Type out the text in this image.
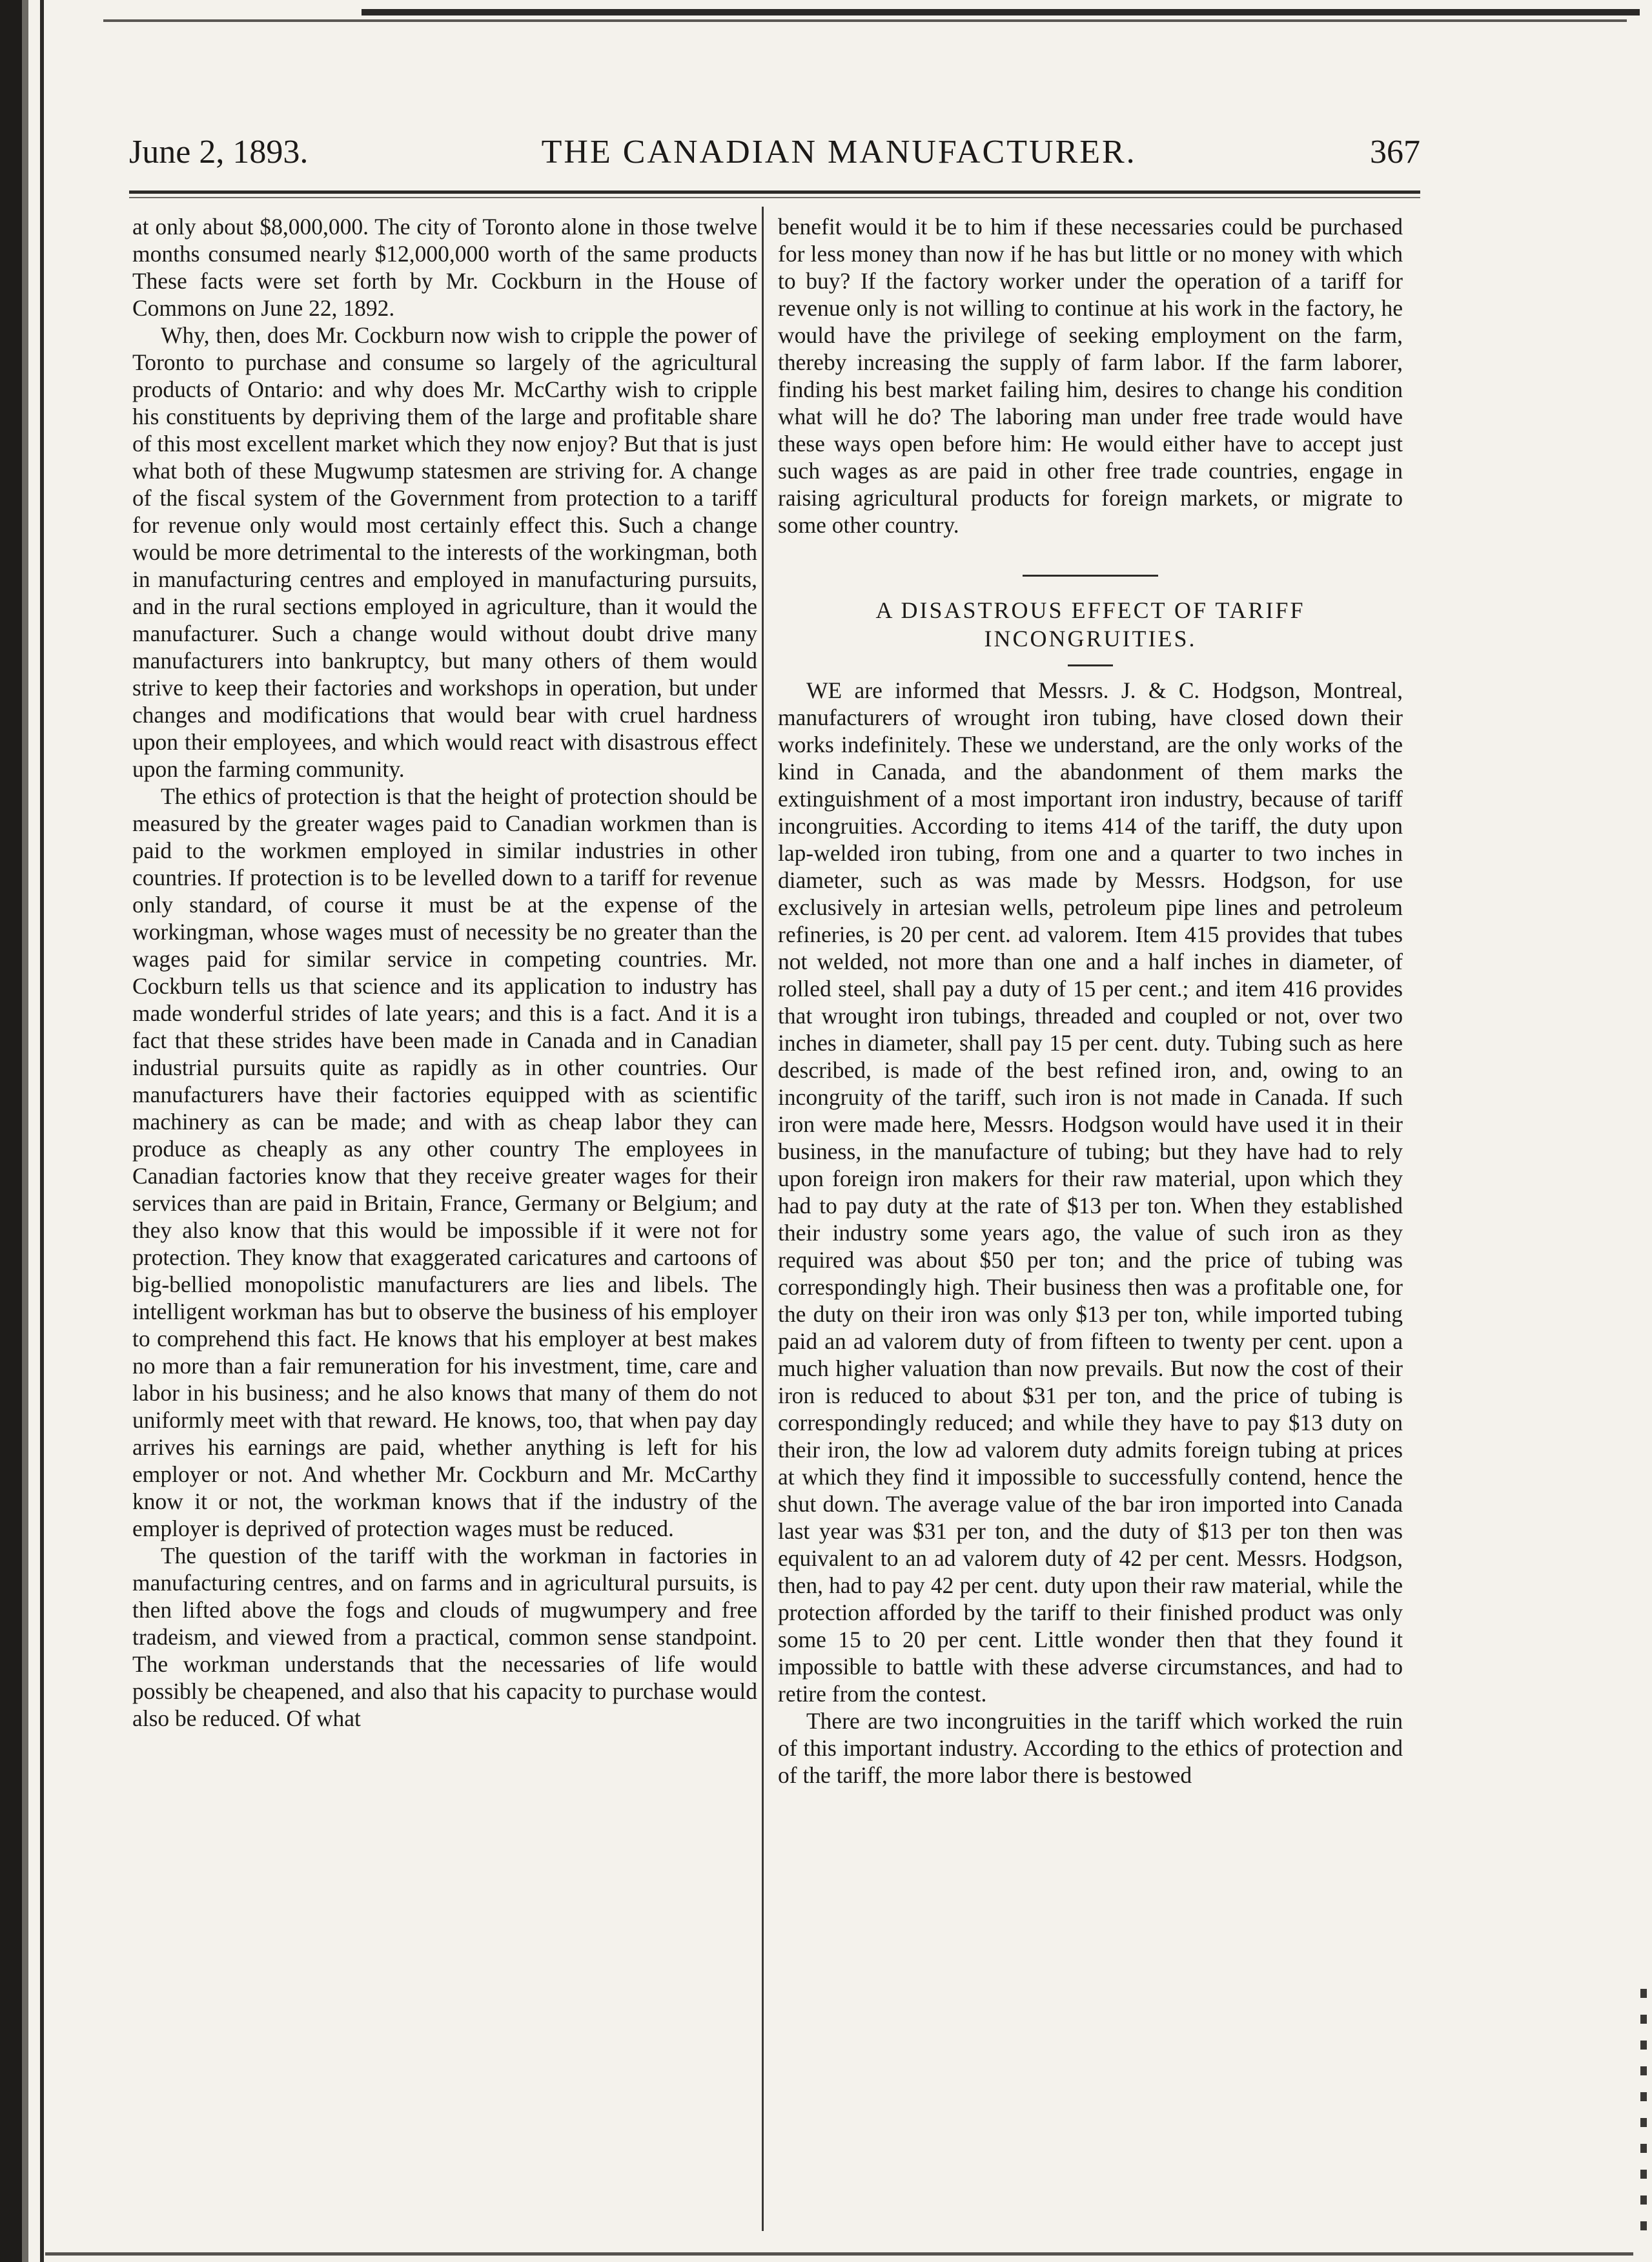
June 2, 1893.	THE CANADIAN MANUFACTURER.	367

at only about $8,000,000. The city of Toronto alone in those twelve months consumed nearly $12,000,000 worth of the same products These facts were set forth by Mr. Cockburn in the House of Commons on June 22, 1892.

Why, then, does Mr. Cockburn now wish to cripple the power of Toronto to purchase and consume so largely of the agricultural products of Ontario: and why does Mr. McCarthy wish to cripple his constituents by depriving them of the large and profitable share of this most excellent market which they now enjoy? But that is just what both of these Mugwump statesmen are striving for. A change of the fiscal system of the Government from protection to a tariff for revenue only would most certainly effect this. Such a change would be more detrimental to the interests of the workingman, both in manufacturing centres and employed in manufacturing pursuits, and in the rural sections employed in agriculture, than it would the manufacturer. Such a change would without doubt drive many manufacturers into bankruptcy, but many others of them would strive to keep their factories and workshops in operation, but under changes and modifications that would bear with cruel hardness upon their employees, and which would react with disastrous effect upon the farming community.

The ethics of protection is that the height of protection should be measured by the greater wages paid to Canadian workmen than is paid to the workmen employed in similar industries in other countries. If protection is to be levelled down to a tariff for revenue only standard, of course it must be at the expense of the workingman, whose wages must of necessity be no greater than the wages paid for similar service in competing countries. Mr. Cockburn tells us that science and its application to industry has made wonderful strides of late years; and this is a fact. And it is a fact that these strides have been made in Canada and in Canadian industrial pursuits quite as rapidly as in other countries. Our manufacturers have their factories equipped with as scientific machinery as can be made; and with as cheap labor they can produce as cheaply as any other country The employees in Canadian factories know that they receive greater wages for their services than are paid in Britain, France, Germany or Belgium; and they also know that this would be impossible if it were not for protection. They know that exaggerated caricatures and cartoons of big-bellied monopolistic manufacturers are lies and libels. The intelligent workman has but to observe the business of his employer to comprehend this fact. He knows that his employer at best makes no more than a fair remuneration for his investment, time, care and labor in his business; and he also knows that many of them do not uniformly meet with that reward. He knows, too, that when pay day arrives his earnings are paid, whether anything is left for his employer or not. And whether Mr. Cockburn and Mr. McCarthy know it or not, the workman knows that if the industry of the employer is deprived of protection wages must be reduced.

The question of the tariff with the workman in factories in manufacturing centres, and on farms and in agricultural pursuits, is then lifted above the fogs and clouds of mugwumpery and free tradeism, and viewed from a practical, common sense standpoint. The workman understands that the necessaries of life would possibly be cheapened, and also that his capacity to purchase would also be reduced. Of what

benefit would it be to him if these necessaries could be purchased for less money than now if he has but little or no money with which to buy? If the factory worker under the operation of a tariff for revenue only is not willing to continue at his work in the factory, he would have the privilege of seeking employment on the farm, thereby increasing the supply of farm labor. If the farm laborer, finding his best market failing him, desires to change his condition what will he do? The laboring man under free trade would have these ways open before him: He would either have to accept just such wages as are paid in other free trade countries, engage in raising agricultural products for foreign markets, or migrate to some other country.

A DISASTROUS EFFECT OF TARIFF INCONGRUITIES.

WE are informed that Messrs. J. & C. Hodgson, Montreal, manufacturers of wrought iron tubing, have closed down their works indefinitely. These we understand, are the only works of the kind in Canada, and the abandonment of them marks the extinguishment of a most important iron industry, because of tariff incongruities. According to items 414 of the tariff, the duty upon lap-welded iron tubing, from one and a quarter to two inches in diameter, such as was made by Messrs. Hodgson, for use exclusively in artesian wells, petroleum pipe lines and petroleum refineries, is 20 per cent. ad valorem. Item 415 provides that tubes not welded, not more than one and a half inches in diameter, of rolled steel, shall pay a duty of 15 per cent.; and item 416 provides that wrought iron tubings, threaded and coupled or not, over two inches in diameter, shall pay 15 per cent. duty. Tubing such as here described, is made of the best refined iron, and, owing to an incongruity of the tariff, such iron is not made in Canada. If such iron were made here, Messrs. Hodgson would have used it in their business, in the manufacture of tubing; but they have had to rely upon foreign iron makers for their raw material, upon which they had to pay duty at the rate of $13 per ton. When they established their industry some years ago, the value of such iron as they required was about $50 per ton; and the price of tubing was correspondingly high. Their business then was a profitable one, for the duty on their iron was only $13 per ton, while imported tubing paid an ad valorem duty of from fifteen to twenty per cent. upon a much higher valuation than now prevails. But now the cost of their iron is reduced to about $31 per ton, and the price of tubing is correspondingly reduced; and while they have to pay $13 duty on their iron, the low ad valorem duty admits foreign tubing at prices at which they find it impossible to successfully contend, hence the shut down. The average value of the bar iron imported into Canada last year was $31 per ton, and the duty of $13 per ton then was equivalent to an ad valorem duty of 42 per cent. Messrs. Hodgson, then, had to pay 42 per cent. duty upon their raw material, while the protection afforded by the tariff to their finished product was only some 15 to 20 per cent. Little wonder then that they found it impossible to battle with these adverse circumstances, and had to retire from the contest.

There are two incongruities in the tariff which worked the ruin of this important industry. According to the ethics of protection and of the tariff, the more labor there is bestowed
